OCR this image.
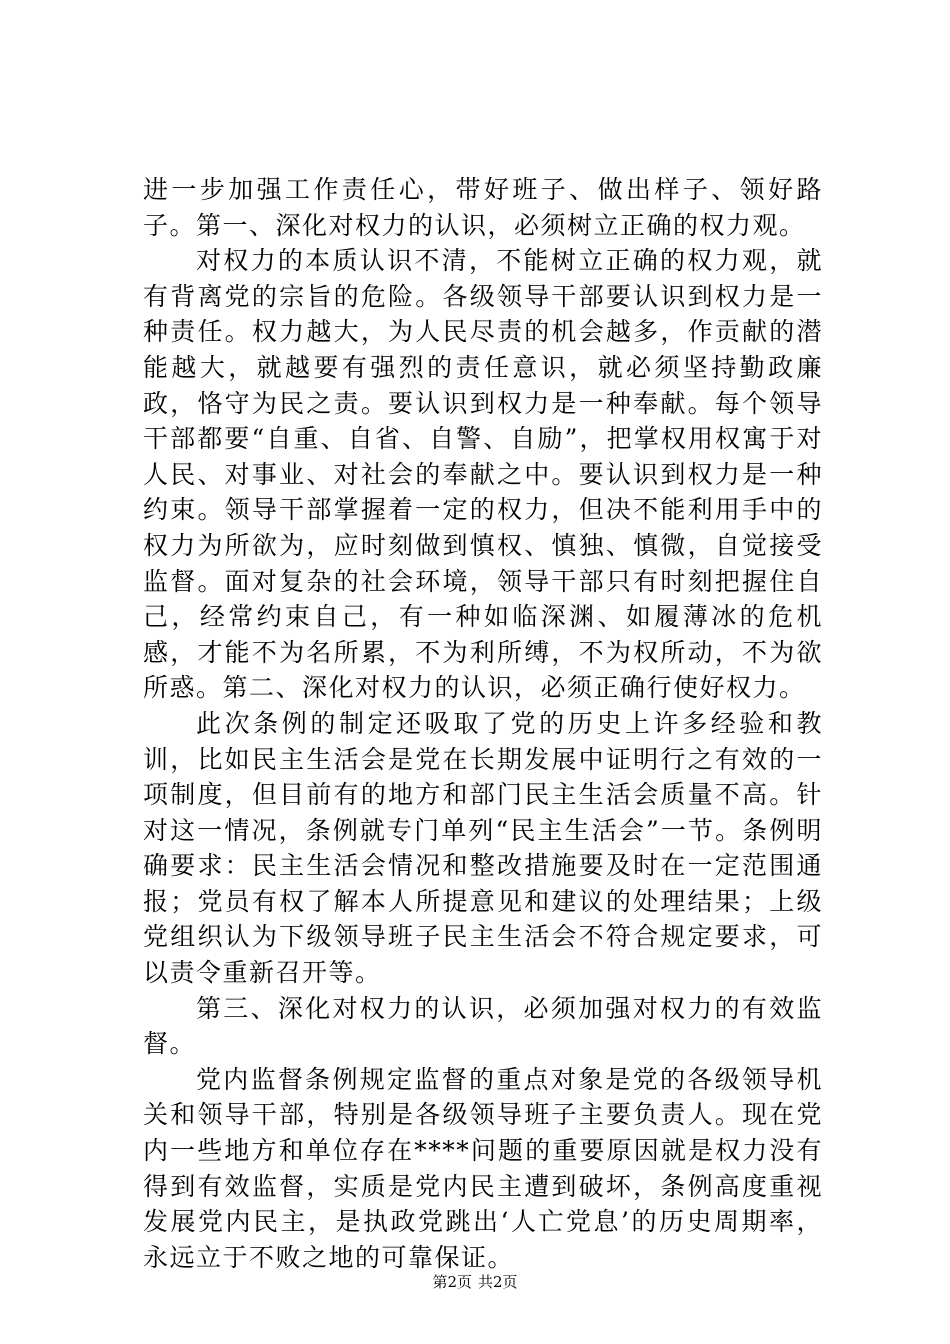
进一步加强工作责任心，带好班子、做出样子、领好路子。第一、深化对权力的认识，必须树立正确的权力观。

对权力的本质认识不清，不能树立正确的权力观，就有背离党的宗旨的危险。各级领导干部要认识到权力是一种责任。权力越大，为人民尽责的机会越多，作贡献的潜能越大，就越要有强烈的责任意识，就必须坚持勤政廉政，恪守为民之责。要认识到权力是一种奉献。每个领导干部都要“自重、自省、自警、自励”，把掌权用权寓于对人民、对事业、对社会的奉献之中。要认识到权力是一种约束。领导干部掌握着一定的权力，但决不能利用手中的权力为所欲为，应时刻做到慎权、慎独、慎微，自觉接受监督。面对复杂的社会环境，领导干部只有时刻把握住自己，经常约束自己，有一种如临深渊、如履薄冰的危机感，才能不为名所累，不为利所缚，不为权所动，不为欲所惑。第二、深化对权力的认识，必须正确行使好权力。

此次条例的制定还吸取了党的历史上许多经验和教训，比如民主生活会是党在长期发展中证明行之有效的一项制度，但目前有的地方和部门民主生活会质量不高。针对这一情况，条例就专门单列“民主生活会”一节。条例明确要求：民主生活会情况和整改措施要及时在一定范围通报；党员有权了解本人所提意见和建议的处理结果；上级党组织认为下级领导班子民主生活会不符合规定要求，可以责令重新召开等。

第三、深化对权力的认识，必须加强对权力的有效监督。

党内监督条例规定监督的重点对象是党的各级领导机关和领导干部，特别是各级领导班子主要负责人。现在党内一些地方和单位存在****问题的重要原因就是权力没有得到有效监督，实质是党内民主遭到破坏，条例高度重视发展党内民主，是执政党跳出‘人亡党息’的历史周期率，永远立于不败之地的可靠保证。

第2页 共2页
